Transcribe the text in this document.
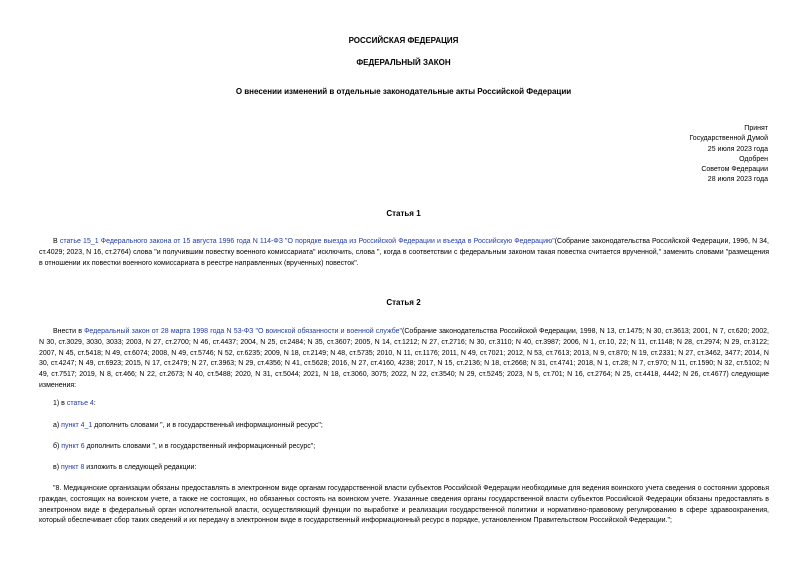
РОССИЙСКАЯ ФЕДЕРАЦИЯ
ФЕДЕРАЛЬНЫЙ ЗАКОН
О внесении изменений в отдельные законодательные акты Российской Федерации
Принят
Государственной Думой
25 июля 2023 года
Одобрен
Советом Федерации
28 июля 2023 года
Статья 1

В статье 15_1 Федерального закона от 15 августа 1996 года N 114-ФЗ "О порядке выезда из Российской Федерации и въезда в Российскую Федерацию"(Собрание законодательства Российской Федерации, 1996, N 34, ст.4029; 2023, N 16, ст.2764) слова "и получившим повестку военного комиссариата" исключить, слова ", когда в соответствии с федеральным законом такая повестка считается врученной," заменить словами "размещения в отношении их повестки военного комиссариата в реестре направленных (врученных) повесток".

Статья 2

Внести в Федеральный закон от 28 марта 1998 года N 53-ФЗ "О воинской обязанности и военной службе"(Собрание законодательства Российской Федерации, 1998, N 13, ст.1475; N 30, ст.3613; 2001, N 7, ст.620; 2002, N 30, ст.3029, 3030, 3033; 2003, N 27, ст.2700; N 46, ст.4437; 2004, N 25, ст.2484; N 35, ст.3607; 2005, N 14, ст.1212; N 27, ст.2716; N 30, ст.3110; N 40, ст.3987; 2006, N 1, ст.10, 22; N 11, ст.1148; N 28, ст.2974; N 29, ст.3122; 2007, N 45, ст.5418; N 49, ст.6074; 2008, N 49, ст.5746; N 52, ст.6235; 2009, N 18, ст.2149; N 48, ст.5735; 2010, N 11, ст.1176; 2011, N 49, ст.7021; 2012, N 53, ст.7613; 2013, N 9, ст.870; N 19, ст.2331; N 27, ст.3462, 3477; 2014, N 30, ст.4247; N 49, ст.6923; 2015, N 17, ст.2479; N 27, ст.3963; N 29, ст.4356; N 41, ст.5628; 2016, N 27, ст.4160, 4238; 2017, N 15, ст.2136; N 18, ст.2668; N 31, ст.4741; 2018, N 1, ст.28; N 7, ст.970; N 11, ст.1590; N 32, ст.5102; N 49, ст.7517; 2019, N 8, ст.466; N 22, ст.2673; N 40, ст.5488; 2020, N 31, ст.5044; 2021, N 18, ст.3060, 3075; 2022, N 22, ст.3540; N 29, ст.5245; 2023, N 5, ст.701; N 16, ст.2764; N 25, ст.4418, 4442; N 26, ст.4677) следующие изменения:

1) в статье 4:

а) пункт 4_1 дополнить словами ", и в государственный информационный ресурс";

б) пункт 6 дополнить словами ", и в государственный информационный ресурс";

в) пункт 8 изложить в следующей редакции:

"8. Медицинские организации обязаны предоставлять в электронном виде органам государственной власти субъектов Российской Федерации необходимые для ведения воинского учета сведения о состоянии здоровья граждан, состоящих на воинском учете, а также не состоящих, но обязанных состоять на воинском учете. Указанные сведения органы государственной власти субъектов Российской Федерации обязаны предоставлять в электронном виде в федеральный орган исполнительной власти, осуществляющий функции по выработке и реализации государственной политики и нормативно-правовому регулированию в сфере здравоохранения, который обеспечивает сбор таких сведений и их передачу в электронном виде в государственный информационный ресурс в порядке, установленном Правительством Российской Федерации.";
